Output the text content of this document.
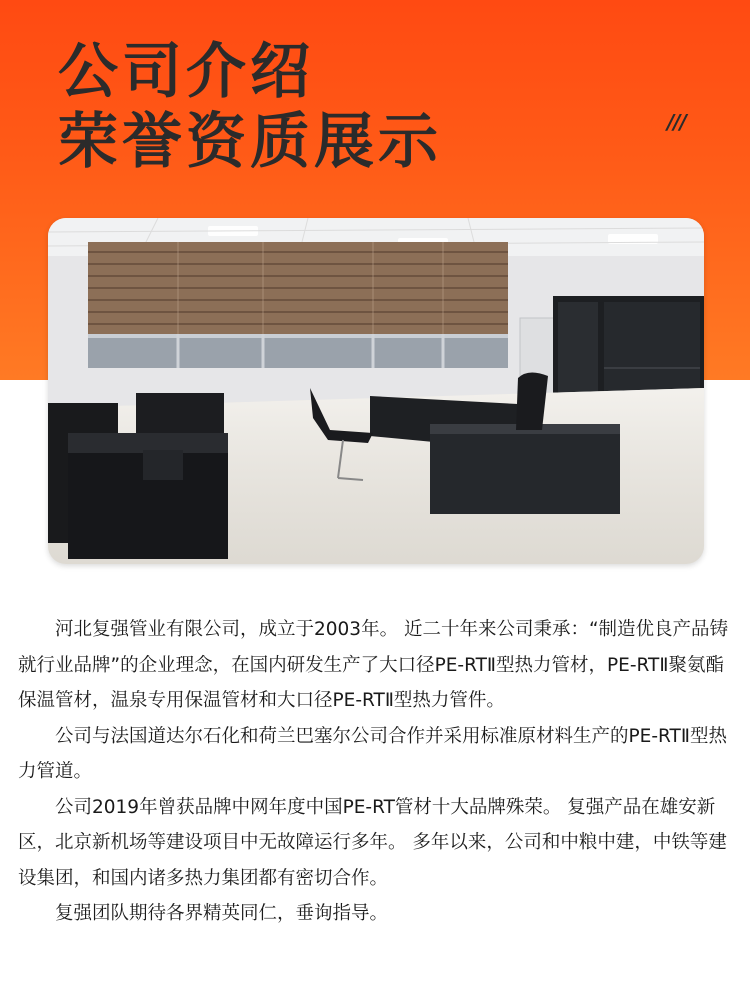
公司介绍
荣誉资质展示	///

河北复强管业有限公司，成立于2003年。 近二十年来公司秉承：“制造优良产品铸就行业品牌”的企业理念，在国内研发生产了大口径PE-RTⅡ型热力管材，PE-RTⅡ聚氨酯保温管材，温泉专用保温管材和大口径PE-RTⅡ型热力管件。

公司与法国道达尔石化和荷兰巴塞尔公司合作并采用标准原材料生产的PE-RTⅡ型热力管道。

公司2019年曾获品牌中网年度中国PE-RT管材十大品牌殊荣。 复强产品在雄安新区，北京新机场等建设项目中无故障运行多年。 多年以来，公司和中粮中建，中铁等建设集团，和国内诸多热力集团都有密切合作。

复强团队期待各界精英同仁，垂询指导。
